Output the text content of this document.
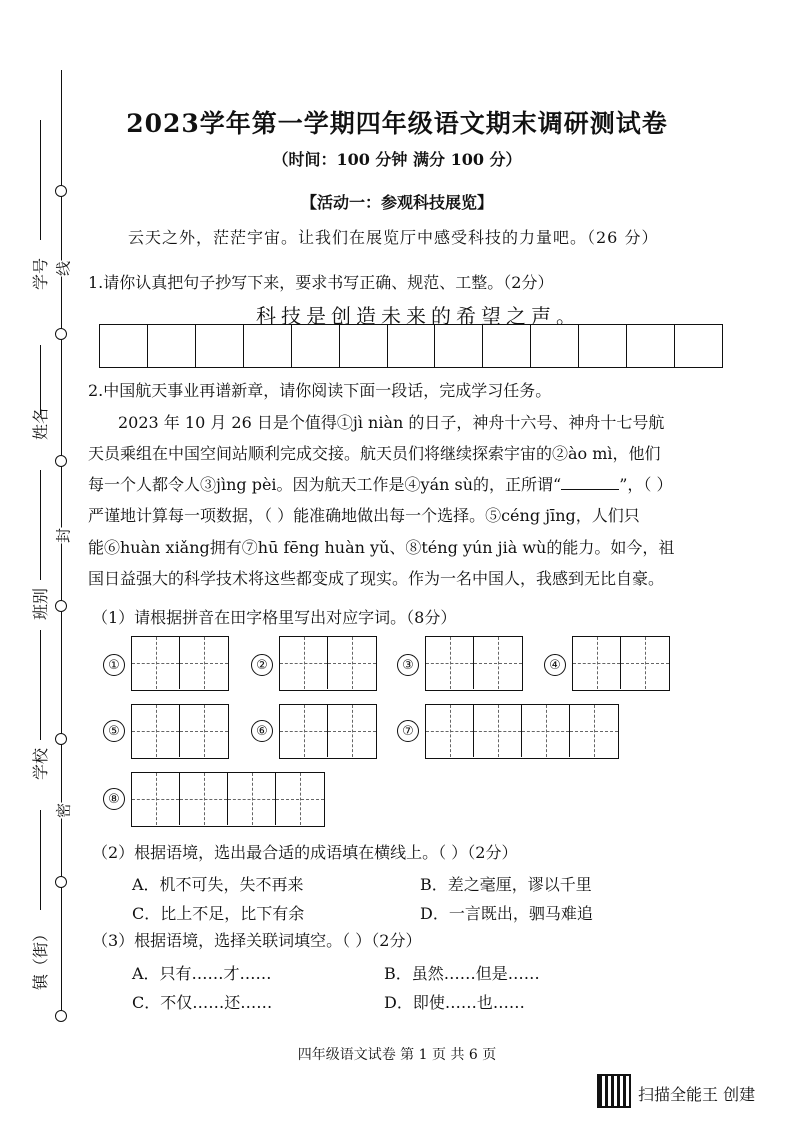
线
封
密
学号
姓名
班别
学校
镇（街）
2023学年第一学期四年级语文期末调研测试卷
（时间：100 分钟 满分 100 分）
【活动一：参观科技展览】
云天之外，茫茫宇宙。让我们在展览厅中感受科技的力量吧。（26 分）
1.请你认真把句子抄写下来，要求书写正确、规范、工整。（2分）
科技是创造未来的希望之声。
2.中国航天事业再谱新章，请你阅读下面一段话，完成学习任务。
2023 年 10 月 26 日是个值得①jì niàn 的日子，神舟十六号、神舟十七号航
天员乘组在中国空间站顺利完成交接。航天员们将继续探索宇宙的②ào mì，他们
每一个人都令人③jìng pèi。因为航天工作是④yán sù的，正所谓“	”，（ ）
严谨地计算每一项数据，（ ）能准确地做出每一个选择。⑤céng jīng，人们只
能⑥huàn xiǎng拥有⑦hū fēng huàn yǔ、⑧téng yún jià wù的能力。如今，祖
国日益强大的科学技术将这些都变成了现实。作为一名中国人，我感到无比自豪。
（1）请根据拼音在田字格里写出对应字词。（8分）
①	②	③	④
⑤	⑥	⑦
⑧
（2）根据语境，选出最合适的成语填在横线上。（ ）（2分）
A．机不可失，失不再来	B．差之毫厘，谬以千里
C．比上不足，比下有余	D．一言既出，驷马难追
（3）根据语境，选择关联词填空。（ ）（2分）
A．只有……才……	B．虽然……但是……
C．不仅……还……	D．即使……也……
四年级语文试卷 第 1 页 共 6 页
扫描全能王 创建
